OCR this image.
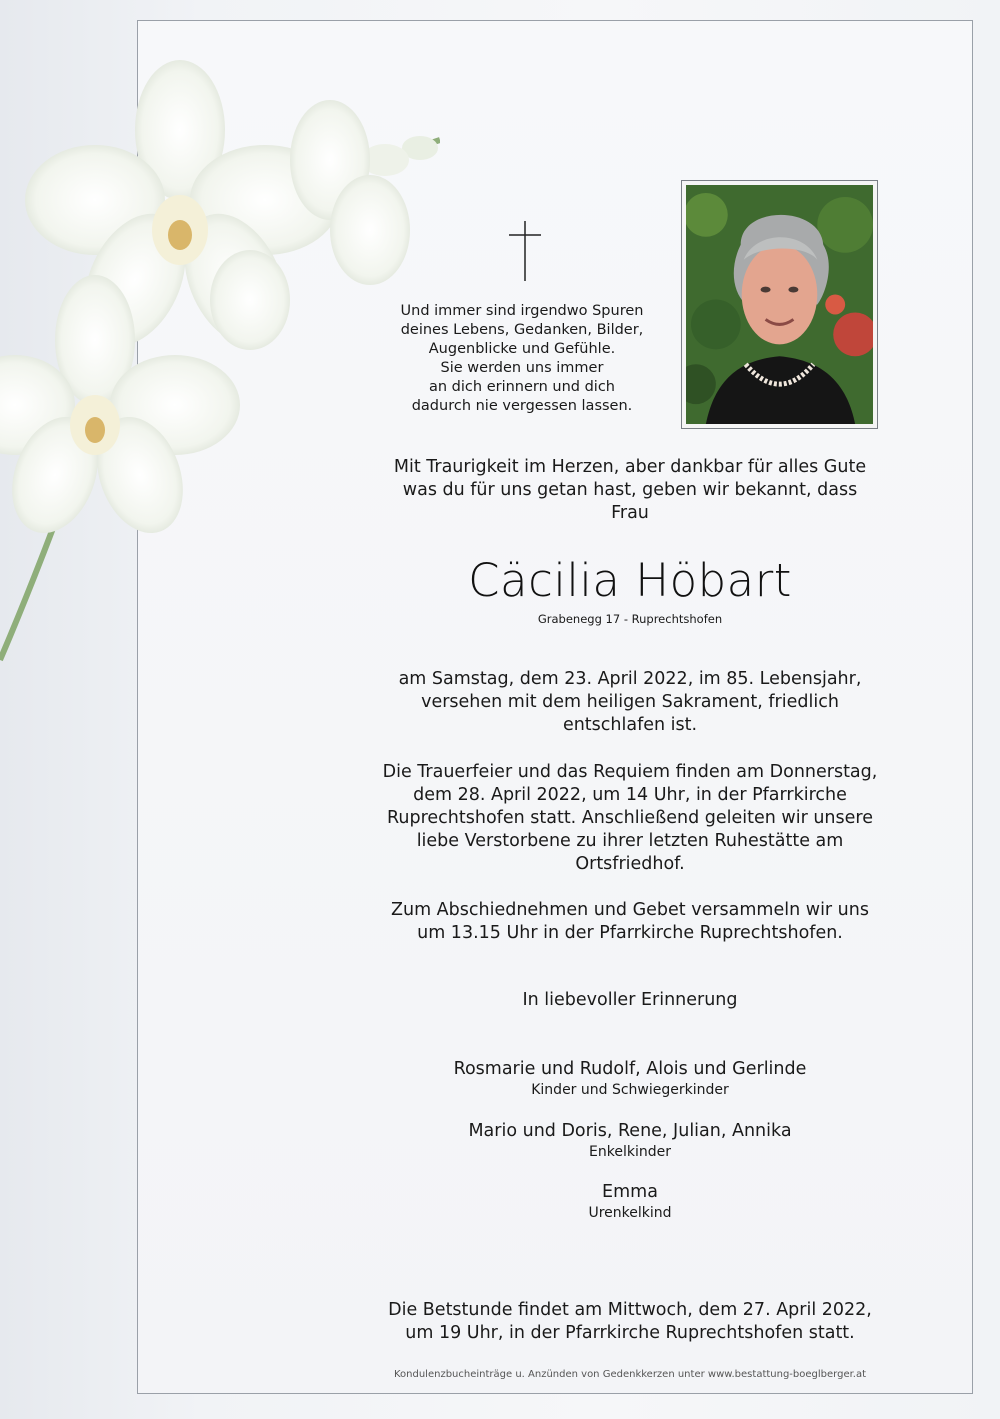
Und immer sind irgendwo Spuren
deines Lebens, Gedanken, Bilder,
Augenblicke und Gefühle.
Sie werden uns immer
an dich erinnern und dich
dadurch nie vergessen lassen.
Mit Traurigkeit im Herzen, aber dankbar für alles Gute
was du für uns getan hast, geben wir bekannt, dass
Frau
Cäcilia Höbart
Grabenegg 17 - Ruprechtshofen
am Samstag, dem 23. April 2022, im 85. Lebensjahr,
versehen mit dem heiligen Sakrament, friedlich
entschlafen ist.
Die Trauerfeier und das Requiem finden am Donnerstag,
dem 28. April 2022, um 14 Uhr, in der Pfarrkirche
Ruprechtshofen statt. Anschließend geleiten wir unsere
liebe Verstorbene zu ihrer letzten Ruhestätte am
Ortsfriedhof.
Zum Abschiednehmen und Gebet versammeln wir uns
um 13.15 Uhr in der Pfarrkirche Ruprechtshofen.
In liebevoller Erinnerung
Rosmarie und Rudolf, Alois und Gerlinde
Kinder und Schwiegerkinder
Mario und Doris, Rene, Julian, Annika
Enkelkinder
Emma
Urenkelkind
Die Betstunde findet am Mittwoch, dem 27. April 2022,
um 19 Uhr, in der Pfarrkirche Ruprechtshofen statt.
Kondulenzbucheinträge u. Anzünden von Gedenkkerzen unter www.bestattung-boeglberger.at
